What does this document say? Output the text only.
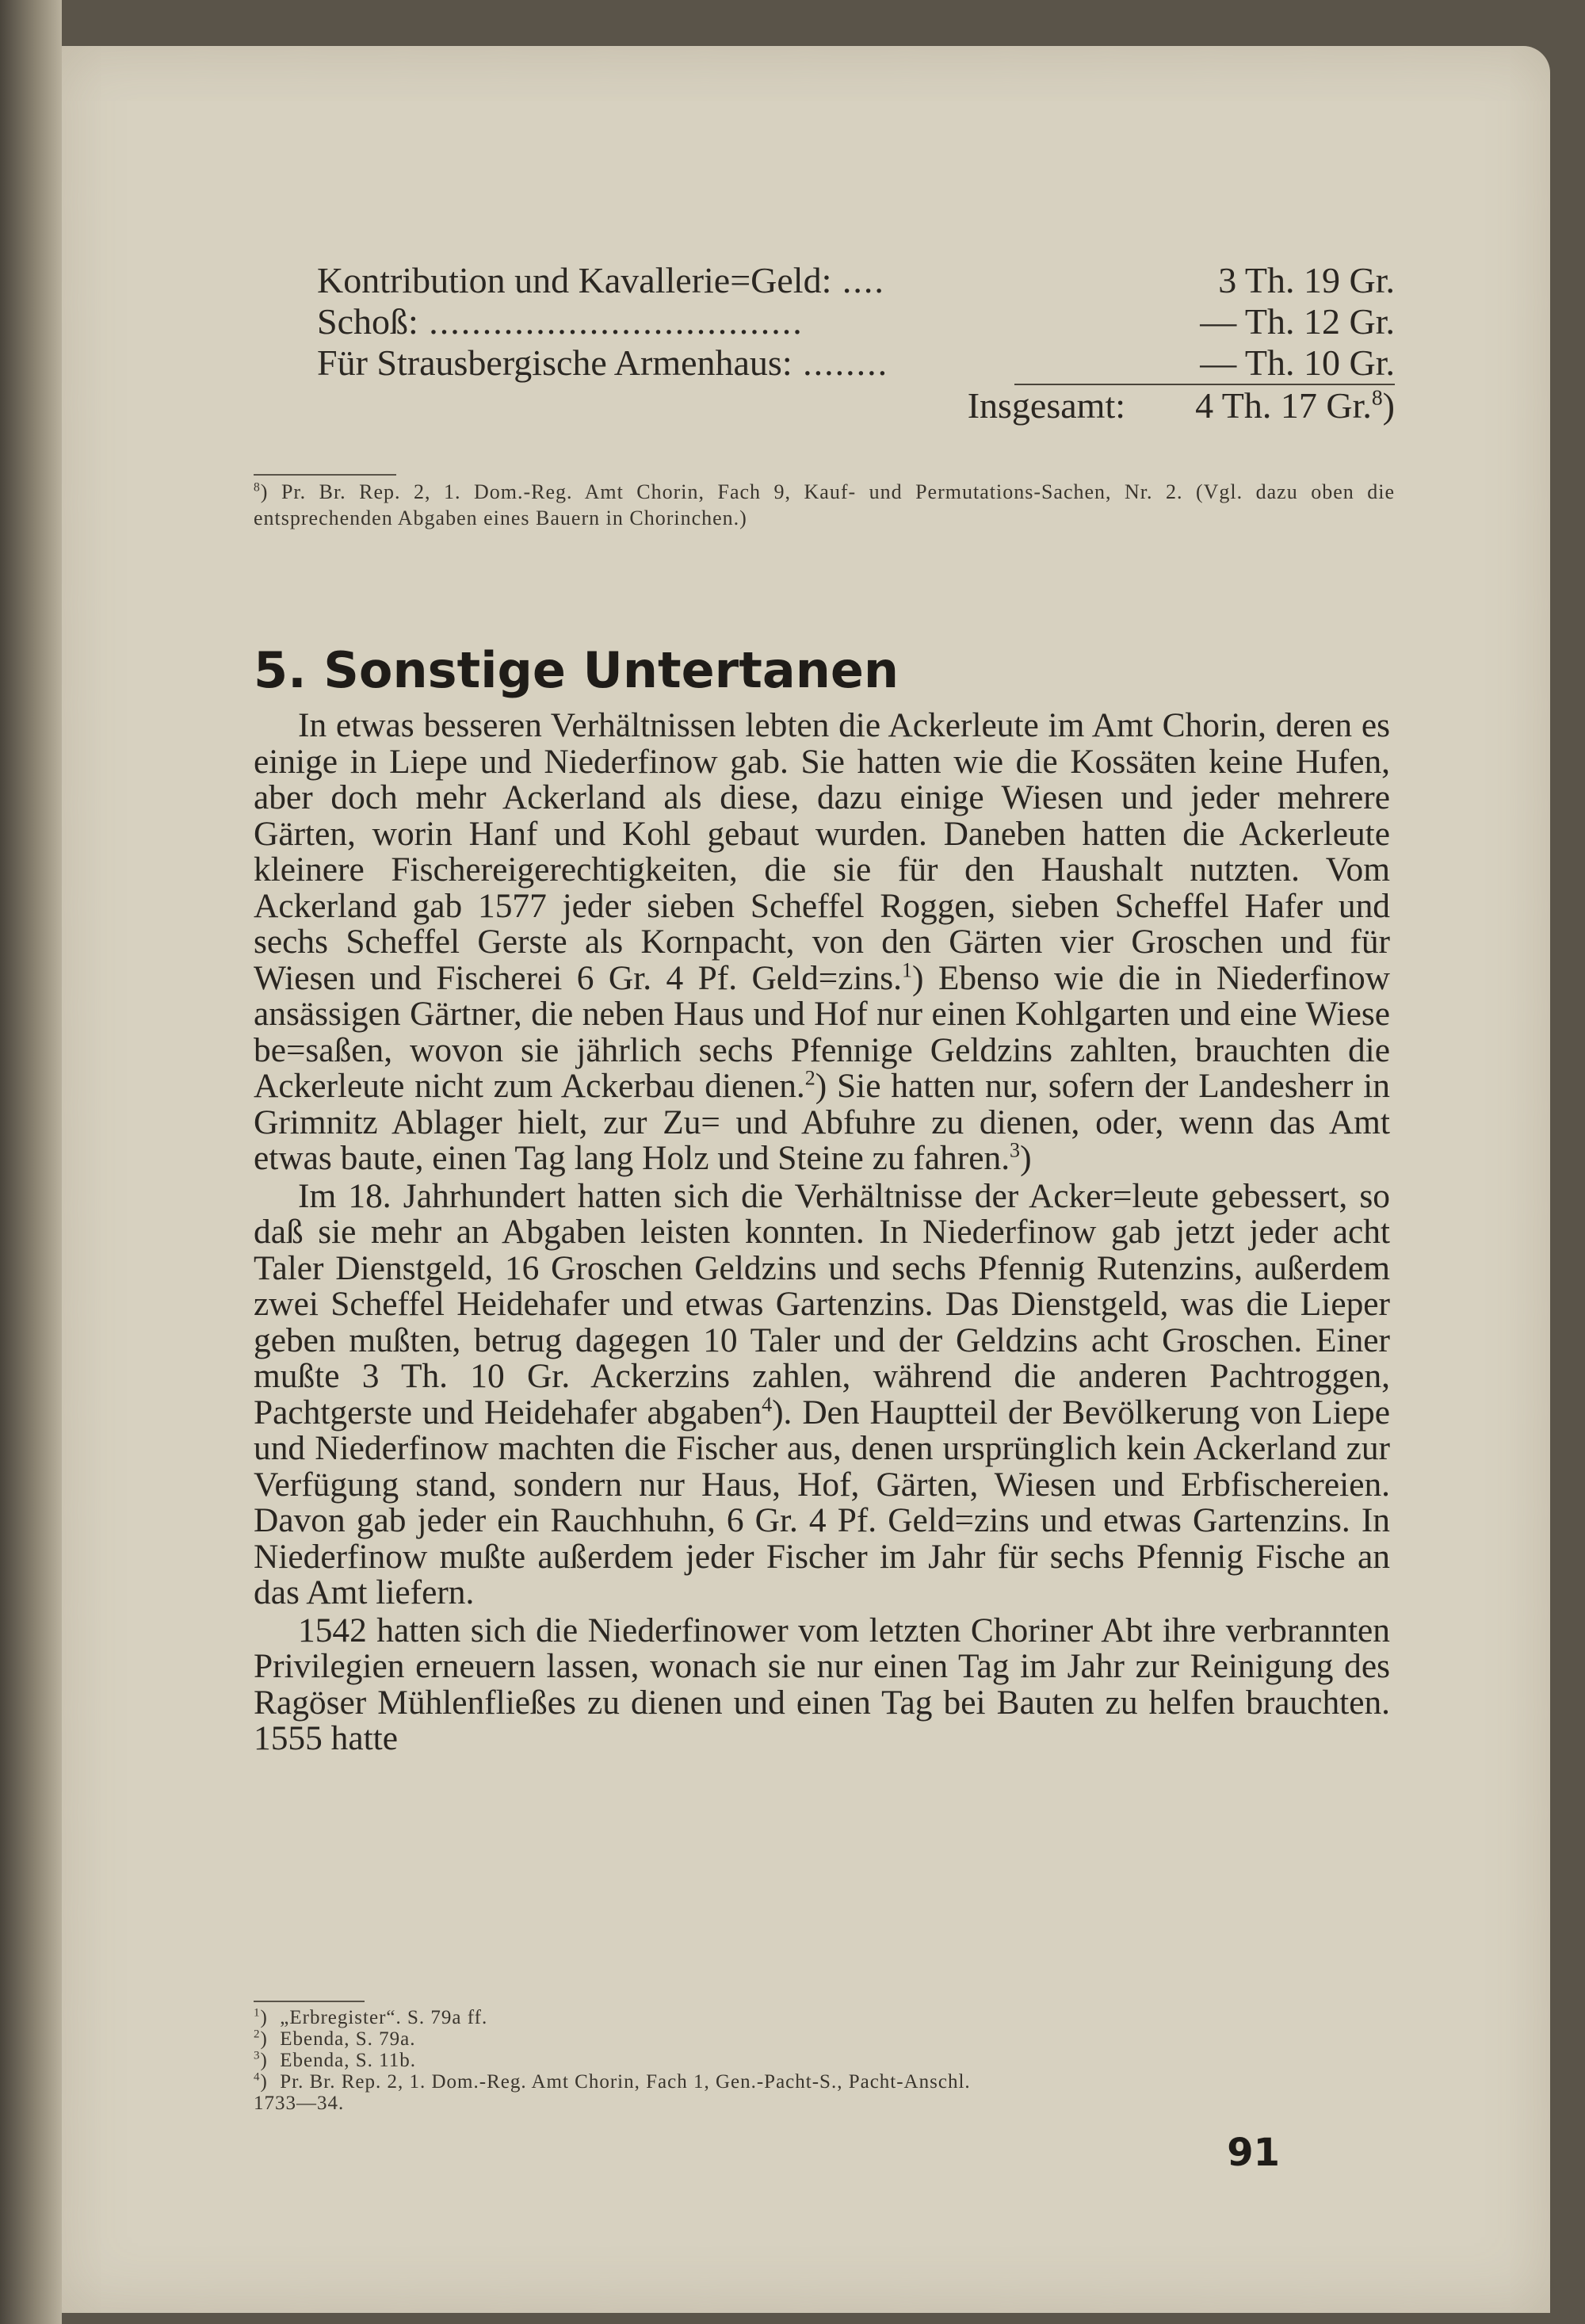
Kontribution und Kavallerie=Geld: ....	3 Th. 19 Gr.
Schoß: ...................................	— Th. 12 Gr.
Für Strausbergische Armenhaus: ........	— Th. 10 Gr.
Insgesamt:	4 Th. 17 Gr.$^8$)
$^8$) Pr. Br. Rep. 2, 1. Dom.-Reg. Amt Chorin, Fach 9, Kauf- und Permutations-Sachen, Nr. 2. (Vgl. dazu oben die entsprechenden Abgaben eines Bauern in Chorinchen.)
5. Sonstige Untertanen

In etwas besseren Verhältnissen lebten die Ackerleute im Amt Chorin, deren es einige in Liepe und Niederfinow gab. Sie hatten wie die Kossäten keine Hufen, aber doch mehr Ackerland als diese, dazu einige Wiesen und jeder mehrere Gärten, worin Hanf und Kohl gebaut wurden. Daneben hatten die Ackerleute kleinere Fischereigerechtigkeiten, die sie für den Haushalt nutzten. Vom Ackerland gab 1577 jeder sieben Scheffel Roggen, sieben Scheffel Hafer und sechs Scheffel Gerste als Kornpacht, von den Gärten vier Groschen und für Wiesen und Fischerei 6 Gr. 4 Pf. Geld=zins.$^1$) Ebenso wie die in Niederfinow ansässigen Gärtner, die neben Haus und Hof nur einen Kohlgarten und eine Wiese be=saßen, wovon sie jährlich sechs Pfennige Geldzins zahlten, brauchten die Ackerleute nicht zum Ackerbau dienen.$^2$) Sie hatten nur, sofern der Landesherr in Grimnitz Ablager hielt, zur Zu= und Abfuhre zu dienen, oder, wenn das Amt etwas baute, einen Tag lang Holz und Steine zu fahren.$^3$)

Im 18. Jahrhundert hatten sich die Verhältnisse der Acker=leute gebessert, so daß sie mehr an Abgaben leisten konnten. In Niederfinow gab jetzt jeder acht Taler Dienstgeld, 16 Groschen Geldzins und sechs Pfennig Rutenzins, außerdem zwei Scheffel Heidehafer und etwas Gartenzins. Das Dienstgeld, was die Lieper geben mußten, betrug dagegen 10 Taler und der Geldzins acht Groschen. Einer mußte 3 Th. 10 Gr. Ackerzins zahlen, während die anderen Pachtroggen, Pachtgerste und Heidehafer abgaben$^4$). Den Hauptteil der Bevölkerung von Liepe und Niederfinow machten die Fischer aus, denen ursprünglich kein Ackerland zur Verfügung stand, sondern nur Haus, Hof, Gärten, Wiesen und Erbfischereien. Davon gab jeder ein Rauchhuhn, 6 Gr. 4 Pf. Geld=zins und etwas Gartenzins. In Niederfinow mußte außerdem jeder Fischer im Jahr für sechs Pfennig Fische an das Amt liefern.

1542 hatten sich die Niederfinower vom letzten Choriner Abt ihre verbrannten Privilegien erneuern lassen, wonach sie nur einen Tag im Jahr zur Reinigung des Ragöser Mühlenfließes zu dienen und einen Tag bei Bauten zu helfen brauchten. 1555 hatte

$^1$) „Erbregister“. S. 79a ff.
$^2$) Ebenda, S. 79a.
$^3$) Ebenda, S. 11b.
$^4$) Pr. Br. Rep. 2, 1. Dom.-Reg. Amt Chorin, Fach 1, Gen.-Pacht-S., Pacht-Anschl.
1733—34.
91
